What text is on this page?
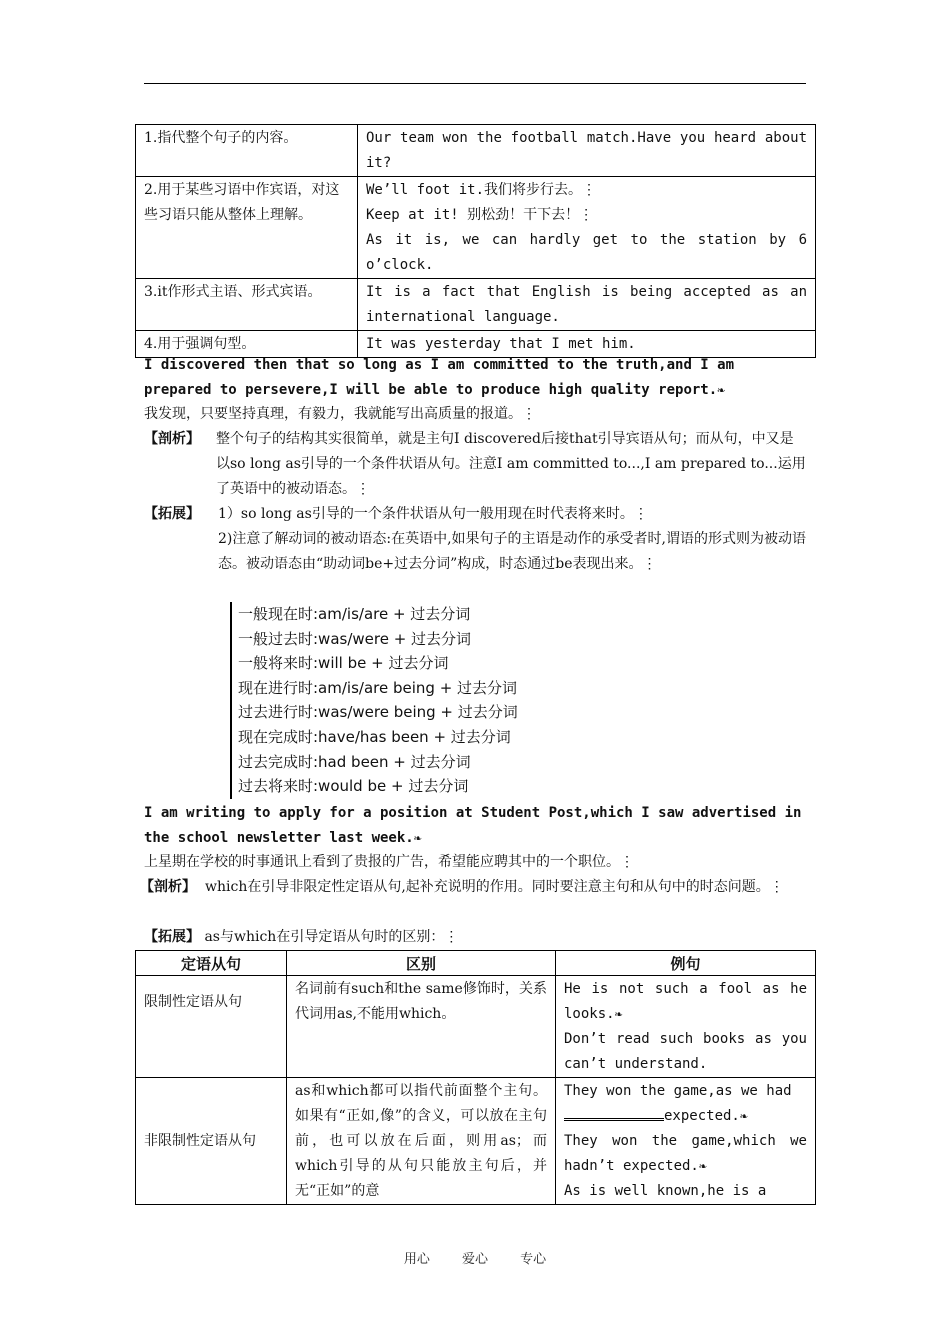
1.指代整个句子的内容。	Our team won the football match.Have you heard about it?
2.用于某些习语中作宾语，对这些习语只能从整体上理解。	We’ll foot it.我们将步行去。⋮
Keep at it! 别松劲！干下去！⋮
As it is, we can hardly get to the station by 6 o’clock.

3.it作形式主语、形式宾语。	It is a fact that English is being accepted as an international language.
4.用于强调句型。	It was yesterday that I met him.
I discovered then that so long as I am committed to the truth,and I am prepared to persevere,I will be able to produce high quality report.❧
我发现，只要坚持真理，有毅力，我就能写出高质量的报道。⋮
【剖析】	整个句子的结构其实很简单，就是主句I discovered后接that引导宾语从句；而从句，中又是以so long as引导的一个条件状语从句。注意I am committed to...,I am prepared to...运用了英语中的被动语态。⋮
【拓展】	1）so long as引导的一个条件状语从句一般用现在时代表将来时。⋮
2)注意了解动词的被动语态:在英语中,如果句子的主语是动作的承受者时,谓语的形式则为被动语态。被动语态由“助动词be+过去分词”构成，时态通过be表现出来。⋮
一般现在时:am/is/are + 过去分词
一般过去时:was/were + 过去分词
一般将来时:will be + 过去分词
现在进行时:am/is/are being + 过去分词
过去进行时:was/were being + 过去分词
现在完成时:have/has been + 过去分词
过去完成时:had been + 过去分词
过去将来时:would be + 过去分词
I am writing to apply for a position at Student Post,which I saw advertised in the school newsletter last week.❧
上星期在学校的时事通讯上看到了贵报的广告，希望能应聘其中的一个职位。⋮
【剖析】 which在引导非限定性定语从句,起补充说明的作用。同时要注意主句和从句中的时态问题。⋮
【拓展】 as与which在引导定语从句时的区别：⋮
定语从句	区别	例句
限制性定语从句	名词前有such和the same修饰时，关系代词用as,不能用which。	He is not such a fool as he looks.❧
Don’t read such books as you can’t understand.

非限制性定语从句	as和which都可以指代前面整个主句。如果有“正如,像”的含义，可以放在主句前，也可以放在后面，则用as；而which引导的从句只能放主句后，并无“正如”的意	They won the game,as we had
expected.❧
They won the game,which we hadn’t expected.❧
As is well known,he is a
用心 爱心 专心
